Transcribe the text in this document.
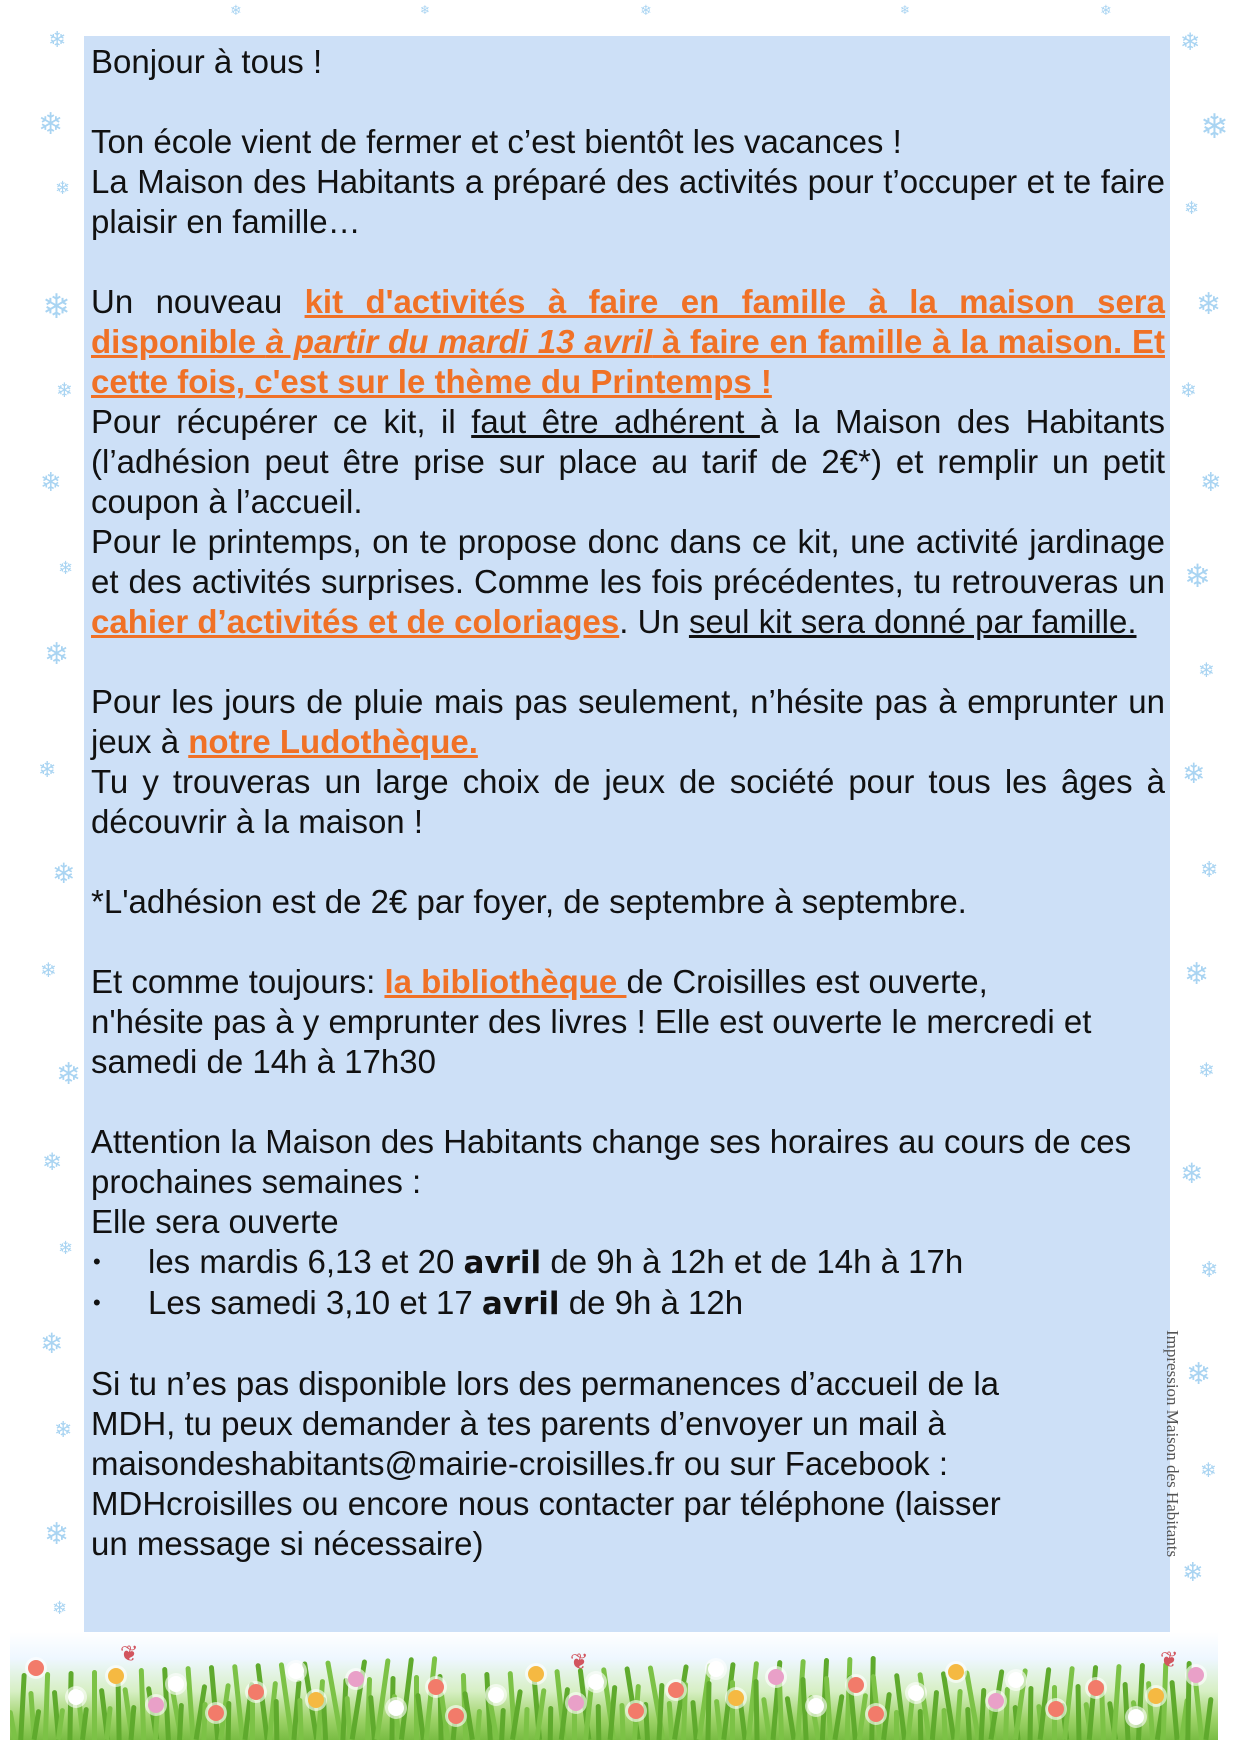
❄
❄
❄
❄
❄
❄
❄
❄
❄
❄
❄
❄
❄
❄
❄
❄
❄
❄
❄
❄
❄
❄
❄
❄
❄
❄
❄
❄
❄
❄
❄
❄
❄
❄
❄
❄	❄	❄	❄	❄

Bonjour à tous !

Ton école vient de fermer et c’est bientôt les vacances !

La Maison des Habitants a préparé des activités pour t’occuper et te faire plaisir en famille…

Un nouveau kit d'activités à faire en famille à la maison sera disponible à partir du mardi 13 avril à faire en famille à la maison. Et cette fois, c'est sur le thème du Printemps !

Pour récupérer ce kit, il faut être adhérent à la Maison des Habitants (l’adhésion peut être prise sur place au tarif de 2€*) et remplir un petit coupon à l’accueil.

Pour le printemps, on te propose donc dans ce kit, une activité jardinage et des activités surprises. Comme les fois précédentes, tu retrouveras un cahier d’activités et de coloriages. Un seul kit sera donné par famille.

Pour les jours de pluie mais pas seulement, n’hésite pas à emprunter un jeux à notre Ludothèque.

Tu y trouveras un large choix de jeux de société pour tous les âges à découvrir à la maison !

*L'adhésion est de 2€ par foyer, de septembre à septembre.

Et comme toujours: la bibliothèque de Croisilles est ouverte, n'hésite pas à y emprunter des livres ! Elle est ouverte le mercredi et samedi de 14h à 17h30

Attention la Maison des Habitants change ses horaires au cours de ces prochaines semaines :

Elle sera ouverte

• les mardis 6,13 et 20 avril de 9h à 12h et de 14h à 17h

• Les samedi 3,10 et 17 avril de 9h à 12h

Si tu n’es pas disponible lors des permanences d’accueil de la

MDH, tu peux demander à tes parents d’envoyer un mail à

maisondeshabitants@mairie-croisilles.fr ou sur Facebook :

MDHcroisilles ou encore nous contacter par téléphone (laisser

un message si nécessaire)	Impression Maison des Habitants
❦	❦	❦
